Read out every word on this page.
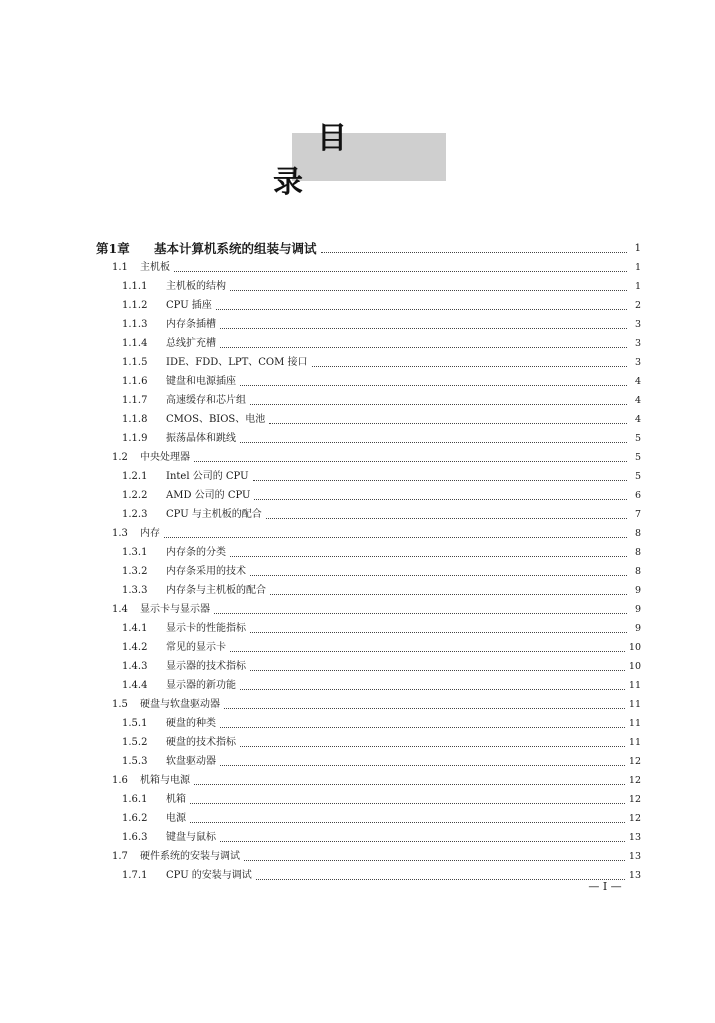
目　录
第1章	基本计算机系统的组装与调试	1
1.1	主机板	1
1.1.1	主机板的结构	1
1.1.2	CPU 插座	2
1.1.3	内存条插槽	3
1.1.4	总线扩充槽	3
1.1.5	IDE、FDD、LPT、COM 接口	3
1.1.6	键盘和电源插座	4
1.1.7	高速缓存和芯片组	4
1.1.8	CMOS、BIOS、电池	4
1.1.9	振荡晶体和跳线	5
1.2	中央处理器	5
1.2.1	Intel 公司的 CPU	5
1.2.2	AMD 公司的 CPU	6
1.2.3	CPU 与主机板的配合	7
1.3	内存	8
1.3.1	内存条的分类	8
1.3.2	内存条采用的技术	8
1.3.3	内存条与主机板的配合	9
1.4	显示卡与显示器	9
1.4.1	显示卡的性能指标	9
1.4.2	常见的显示卡	10
1.4.3	显示器的技术指标	10
1.4.4	显示器的新功能	11
1.5	硬盘与软盘驱动器	11
1.5.1	硬盘的种类	11
1.5.2	硬盘的技术指标	11
1.5.3	软盘驱动器	12
1.6	机箱与电源	12
1.6.1	机箱	12
1.6.2	电源	12
1.6.3	键盘与鼠标	13
1.7	硬件系统的安装与调试	13
1.7.1	CPU 的安装与调试	13
— I —
